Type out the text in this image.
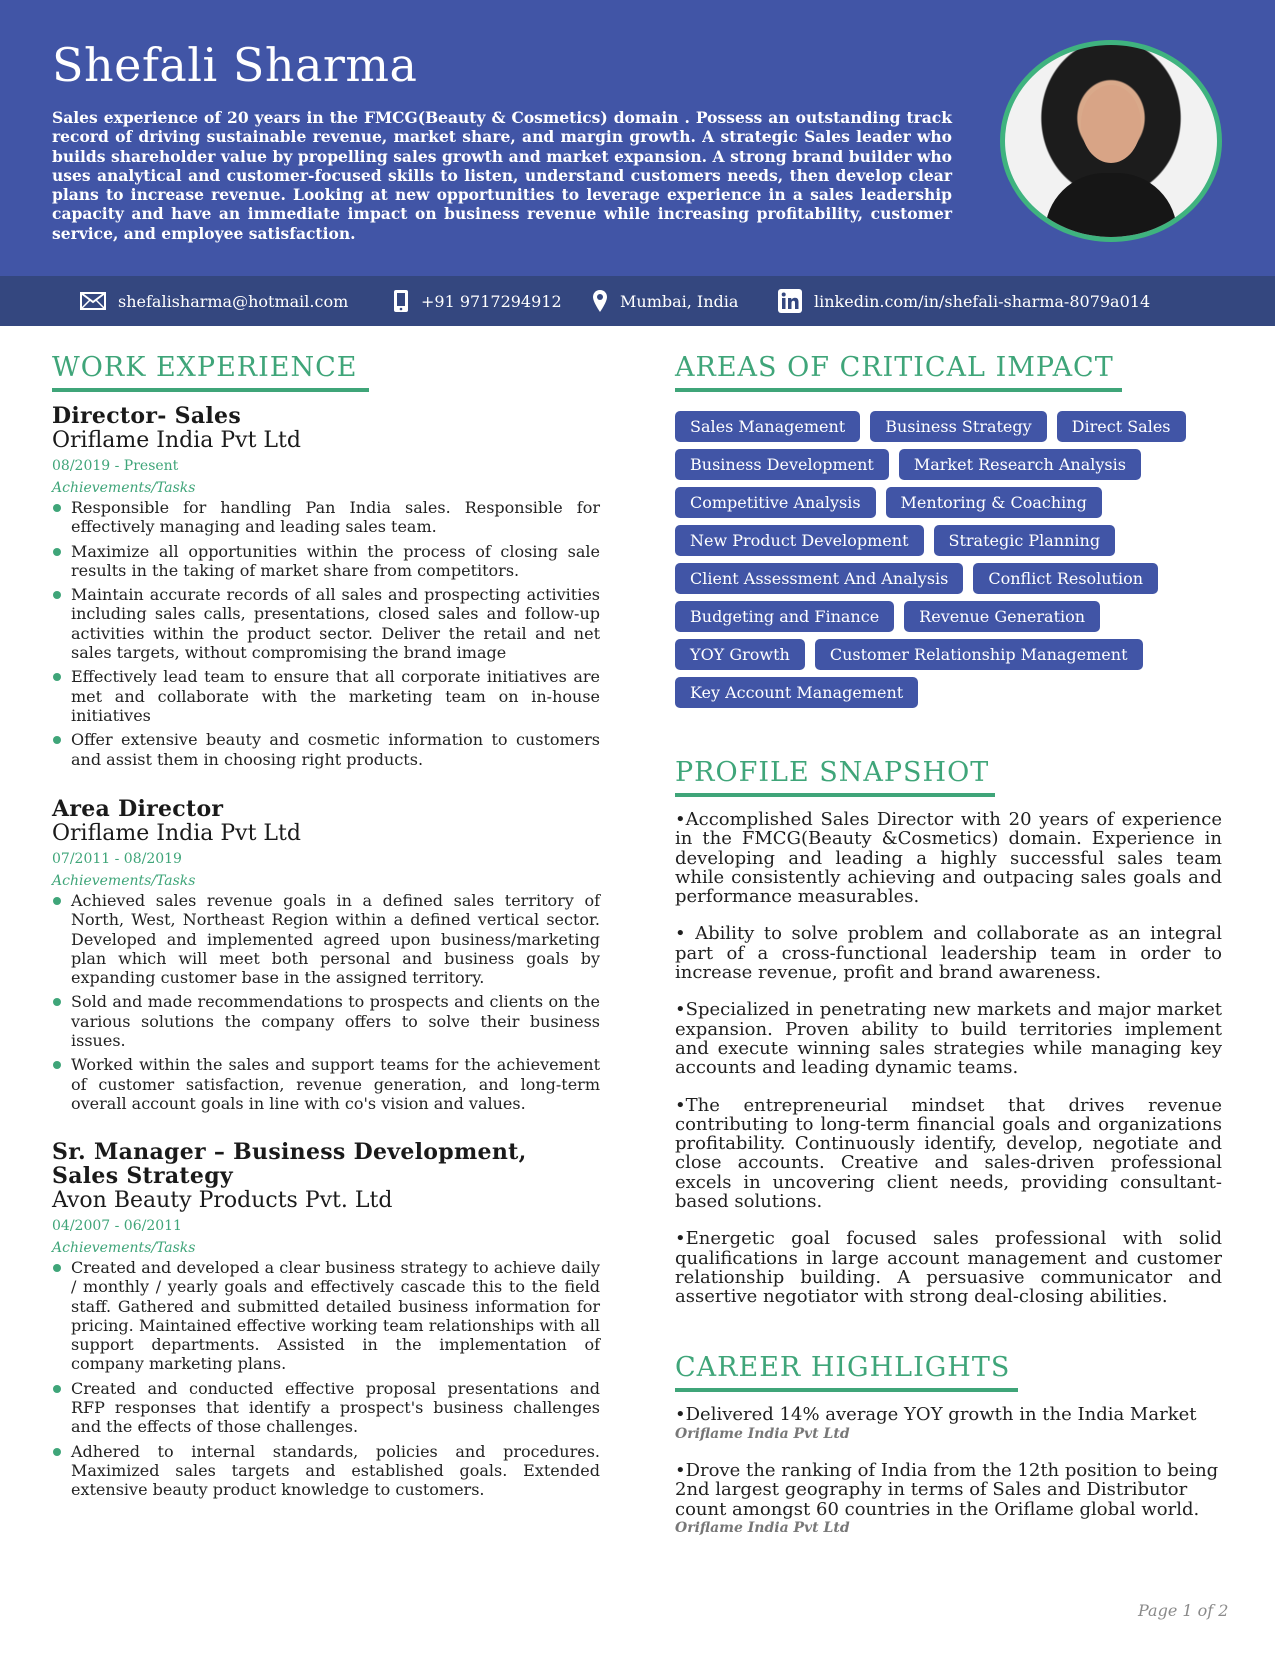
Shefali Sharma
Sales experience of 20 years in the FMCG(Beauty & Cosmetics) domain . Possess an outstanding track record of driving sustainable revenue, market share, and margin growth. A strategic Sales leader who builds shareholder value by propelling sales growth and market expansion. A strong brand builder who uses analytical and customer-focused skills to listen, understand customers needs, then develop clear plans to increase revenue. Looking at new opportunities to leverage experience in a sales leadership capacity and have an immediate impact on business revenue while increasing profitability, customer service, and employee satisfaction.
shefalisharma@hotmail.com	+91 9717294912	Mumbai, India	linkedin.com/in/shefali-sharma-8079a014
WORK EXPERIENCE
Director- Sales
Oriflame India Pvt Ltd
08/2019 - Present
Achievements/Tasks
Responsible for handling Pan India sales. Responsible for effectively managing and leading sales team.
Maximize all opportunities within the process of closing sale results in the taking of market share from competitors.
Maintain accurate records of all sales and prospecting activities including sales calls, presentations, closed sales and follow-up activities within the product sector. Deliver the retail and net sales targets, without compromising the brand image
Effectively lead team to ensure that all corporate initiatives are met and collaborate with the marketing team on in-house initiatives
Offer extensive beauty and cosmetic information to customers and assist them in choosing right products.
Area Director
Oriflame India Pvt Ltd
07/2011 - 08/2019
Achievements/Tasks
Achieved sales revenue goals in a defined sales territory of North, West, Northeast Region within a defined vertical sector. Developed and implemented agreed upon business/marketing plan which will meet both personal and business goals by expanding customer base in the assigned territory.
Sold and made recommendations to prospects and clients on the various solutions the company offers to solve their business issues.
Worked within the sales and support teams for the achievement of customer satisfaction, revenue generation, and long-term overall account goals in line with co's vision and values.
Sr. Manager – Business Development, Sales Strategy
Avon Beauty Products Pvt. Ltd
04/2007 - 06/2011
Achievements/Tasks
Created and developed a clear business strategy to achieve daily / monthly / yearly goals and effectively cascade this to the field staff. Gathered and submitted detailed business information for pricing. Maintained effective working team relationships with all support departments. Assisted in the implementation of company marketing plans.
Created and conducted effective proposal presentations and RFP responses that identify a prospect's business challenges and the effects of those challenges.
Adhered to internal standards, policies and procedures. Maximized sales targets and established goals. Extended extensive beauty product knowledge to customers.
AREAS OF CRITICAL IMPACT
Sales Management	Business Strategy	Direct Sales
Business Development	Market Research Analysis
Competitive Analysis	Mentoring & Coaching
New Product Development	Strategic Planning
Client Assessment And Analysis	Conflict Resolution
Budgeting and Finance	Revenue Generation
YOY Growth	Customer Relationship Management
Key Account Management
PROFILE SNAPSHOT

•Accomplished Sales Director with 20 years of experience in the FMCG(Beauty &Cosmetics) domain. Experience in developing and leading a highly successful sales team while consistently achieving and outpacing sales goals and performance measurables.

• Ability to solve problem and collaborate as an integral part of a cross-functional leadership team in order to increase revenue, profit and brand awareness.

•Specialized in penetrating new markets and major market expansion. Proven ability to build territories implement and execute winning sales strategies while managing key accounts and leading dynamic teams.

•The entrepreneurial mindset that drives revenue contributing to long-term financial goals and organizations profitability. Continuously identify, develop, negotiate and close accounts. Creative and sales-driven professional excels in uncovering client needs, providing consultant-based solutions.

•Energetic goal focused sales professional with solid qualifications in large account management and customer relationship building. A persuasive communicator and assertive negotiator with strong deal-closing abilities.

CAREER HIGHLIGHTS
•Delivered 14% average YOY growth in the India Market
Oriflame India Pvt Ltd
•Drove the ranking of India from the 12th position to being 2nd largest geography in terms of Sales and Distributor count amongst 60 countries in the Oriflame global world.
Oriflame India Pvt Ltd
Page 1 of 2
